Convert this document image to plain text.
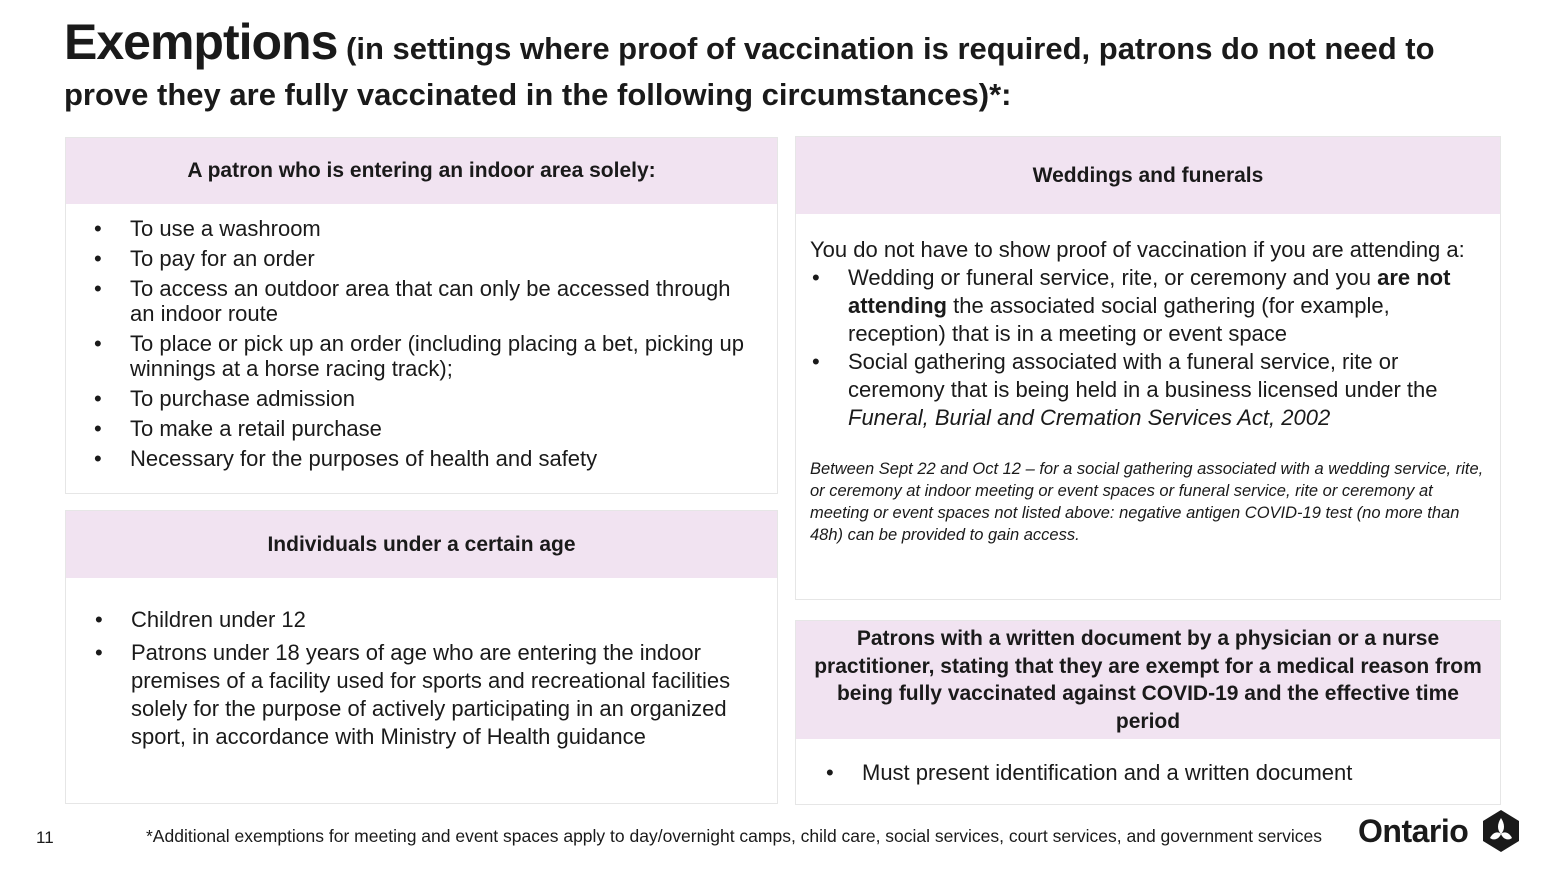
Exemptions (in settings where proof of vaccination is required, patrons do not need to prove they are fully vaccinated in the following circumstances)*:
A patron who is entering an indoor area solely:
• To use a washroom
• To pay for an order
• To access an outdoor area that can only be accessed through an indoor route
• To place or pick up an order (including placing a bet, picking up winnings at a horse racing track);
• To purchase admission
• To make a retail purchase
• Necessary for the purposes of health and safety
Individuals under a certain age
• Children under 12
• Patrons under 18 years of age who are entering the indoor premises of a facility used for sports and recreational facilities solely for the purpose of actively participating in an organized sport, in accordance with Ministry of Health guidance
Weddings and funerals

You do not have to show proof of vaccination if you are attending a:

• Wedding or funeral service, rite, or ceremony and you are not attending the associated social gathering (for example, reception) that is in a meeting or event space
• Social gathering associated with a funeral service, rite or ceremony that is being held in a business licensed under the Funeral, Burial and Cremation Services Act, 2002

Between Sept 22 and Oct 12 – for a social gathering associated with a wedding service, rite, or ceremony at indoor meeting or event spaces or funeral service, rite or ceremony at meeting or event spaces not listed above: negative antigen COVID-19 test (no more than 48h) can be provided to gain access.

Patrons with a written document by a physician or a nurse practitioner, stating that they are exempt for a medical reason from being fully vaccinated against COVID-19 and the effective time period
• Must present identification and a written document
11	*Additional exemptions for meeting and event spaces apply to day/overnight camps, child care, social services, court services, and government services Ontario
